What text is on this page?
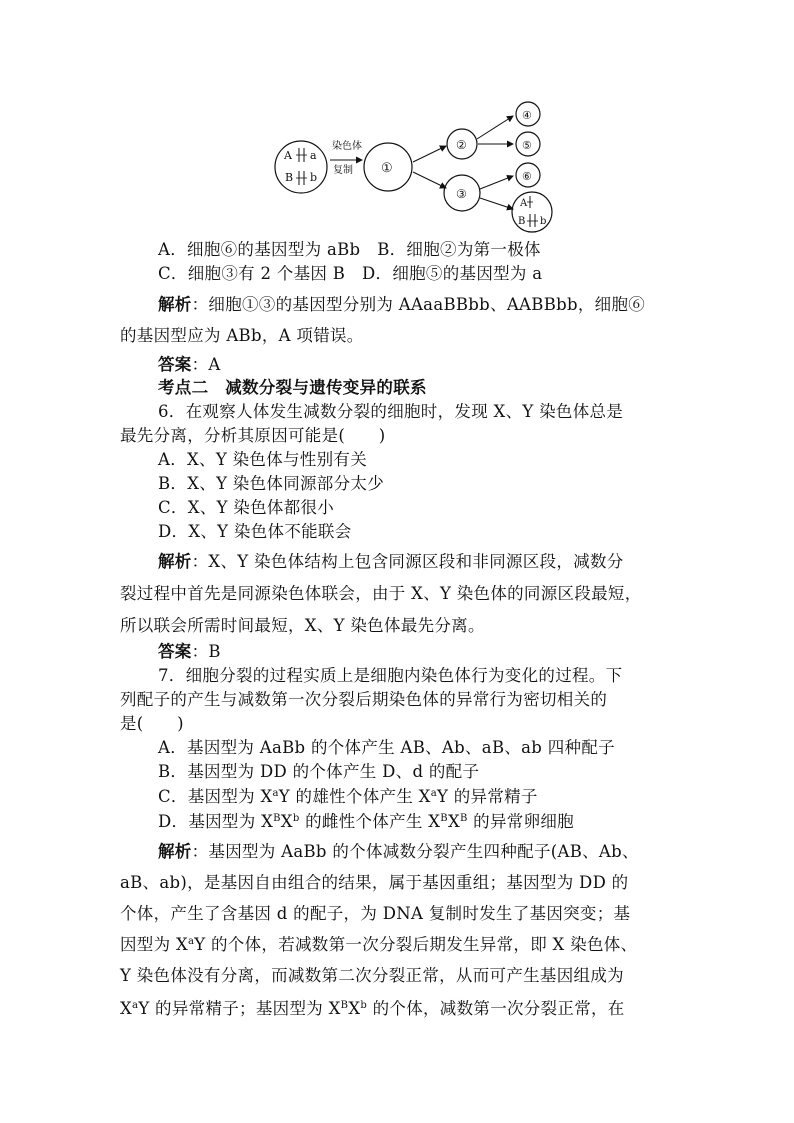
A a
B b
染色体
复制 ①
②
③
④
⑤
⑥
A
B b
A．细胞⑥的基因型为 aBb　 B．细胞②为第一极体
C．细胞③有 2 个基因 B　 D．细胞⑤的基因型为 a
解析：细胞①③的基因型分别为 AAaaBBbb、AABBbb，细胞⑥
的基因型应为 ABb，A 项错误。
答案：A
考点二　减数分裂与遗传变异的联系
6．在观察人体发生减数分裂的细胞时，发现 X、Y 染色体总是
最先分离，分析其原因可能是(　　)
A．X、Y 染色体与性别有关
B．X、Y 染色体同源部分太少
C．X、Y 染色体都很小
D．X、Y 染色体不能联会
解析：X、Y 染色体结构上包含同源区段和非同源区段，减数分
裂过程中首先是同源染色体联会，由于 X、Y 染色体的同源区段最短，
所以联会所需时间最短，X、Y 染色体最先分离。
答案：B
7．细胞分裂的过程实质上是细胞内染色体行为变化的过程。下
列配子的产生与减数第一次分裂后期染色体的异常行为密切相关的
是(　　)
A．基因型为 AaBb 的个体产生 AB、Ab、aB、ab 四种配子
B．基因型为 DD 的个体产生 D、d 的配子
C．基因型为 $X^aY$ 的雄性个体产生 $X^aY$ 的异常精子
D．基因型为 $X^BX^b$ 的雌性个体产生 $X^BX^B$ 的异常卵细胞
解析：基因型为 AaBb 的个体减数分裂产生四种配子(AB、Ab、
aB、ab)，是基因自由组合的结果，属于基因重组；基因型为 DD 的
个体，产生了含基因 d 的配子，为 DNA 复制时发生了基因突变；基
因型为 $X^aY$ 的个体，若减数第一次分裂后期发生异常，即 X 染色体、
Y 染色体没有分离，而减数第二次分裂正常，从而可产生基因组成为
$X^aY$ 的异常精子；基因型为 $X^BX^b$ 的个体，减数第一次分裂正常，在
